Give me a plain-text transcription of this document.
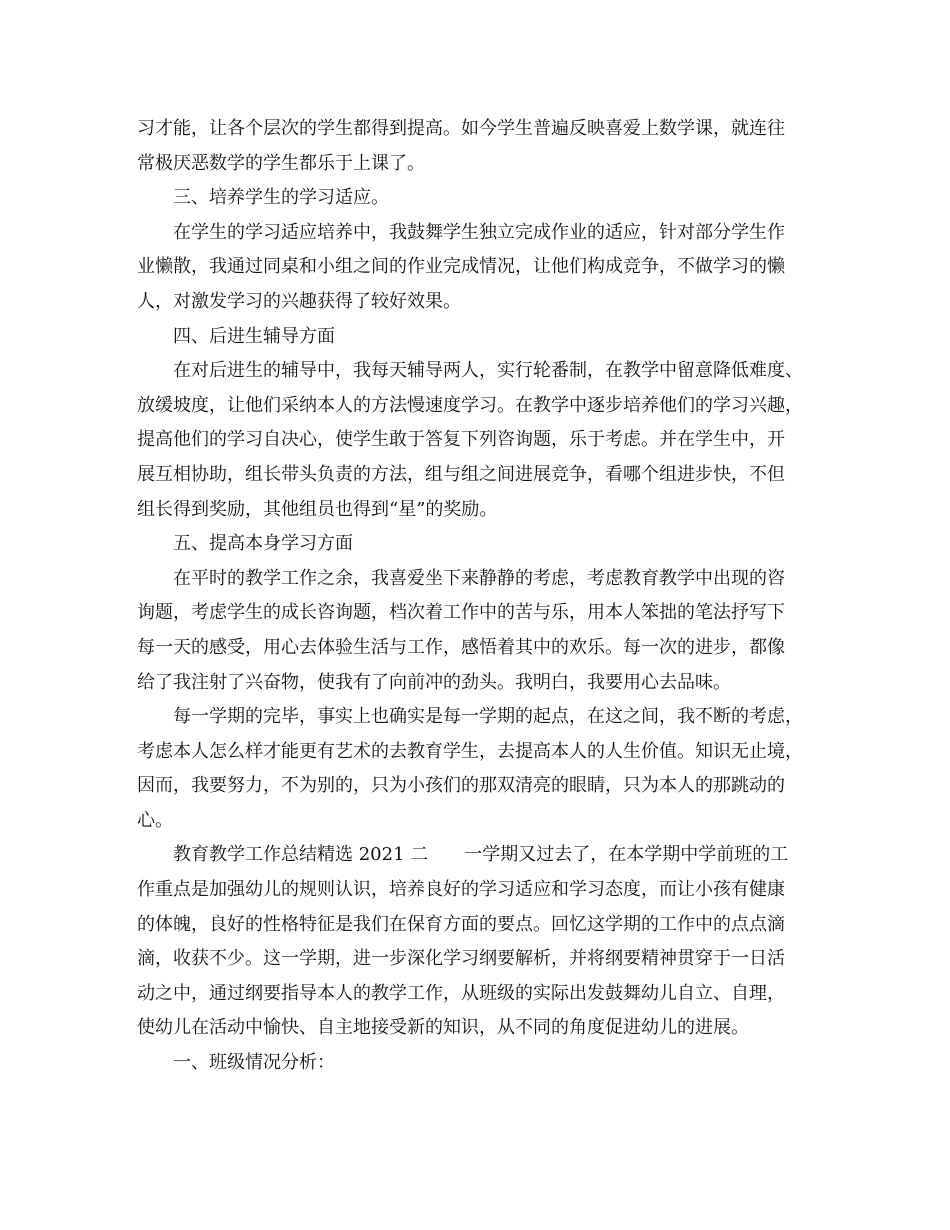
习才能，让各个层次的学生都得到提高。如今学生普遍反映喜爱上数学课，就连往
常极厌恶数学的学生都乐于上课了。
三、培养学生的学习适应。
在学生的学习适应培养中，我鼓舞学生独立完成作业的适应，针对部分学生作
业懒散，我通过同桌和小组之间的作业完成情况，让他们构成竞争，不做学习的懒
人，对激发学习的兴趣获得了较好效果。
四、后进生辅导方面
在对后进生的辅导中，我每天辅导两人，实行轮番制，在教学中留意降低难度、
放缓坡度，让他们采纳本人的方法慢速度学习。在教学中逐步培养他们的学习兴趣，
提高他们的学习自决心，使学生敢于答复下列咨询题，乐于考虑。并在学生中，开
展互相协助，组长带头负责的方法，组与组之间进展竞争，看哪个组进步快，不但
组长得到奖励，其他组员也得到“星”的奖励。
五、提高本身学习方面
在平时的教学工作之余，我喜爱坐下来静静的考虑，考虑教育教学中出现的咨
询题，考虑学生的成长咨询题，档次着工作中的苦与乐，用本人笨拙的笔法抒写下
每一天的感受，用心去体验生活与工作，感悟着其中的欢乐。每一次的进步，都像
给了我注射了兴奋物，使我有了向前冲的劲头。我明白，我要用心去品味。
每一学期的完毕，事实上也确实是每一学期的起点，在这之间，我不断的考虑，
考虑本人怎么样才能更有艺术的去教育学生，去提高本人的人生价值。知识无止境，
因而，我要努力，不为别的，只为小孩们的那双清亮的眼睛，只为本人的那跳动的
心。
教育教学工作总结精选 2021 二　　一学期又过去了，在本学期中学前班的工
作重点是加强幼儿的规则认识，培养良好的学习适应和学习态度，而让小孩有健康
的体魄，良好的性格特征是我们在保育方面的要点。回忆这学期的工作中的点点滴
滴，收获不少。这一学期，进一步深化学习纲要解析，并将纲要精神贯穿于一日活
动之中，通过纲要指导本人的教学工作，从班级的实际出发鼓舞幼儿自立、自理，
使幼儿在活动中愉快、自主地接受新的知识，从不同的角度促进幼儿的进展。
一、班级情况分析：
